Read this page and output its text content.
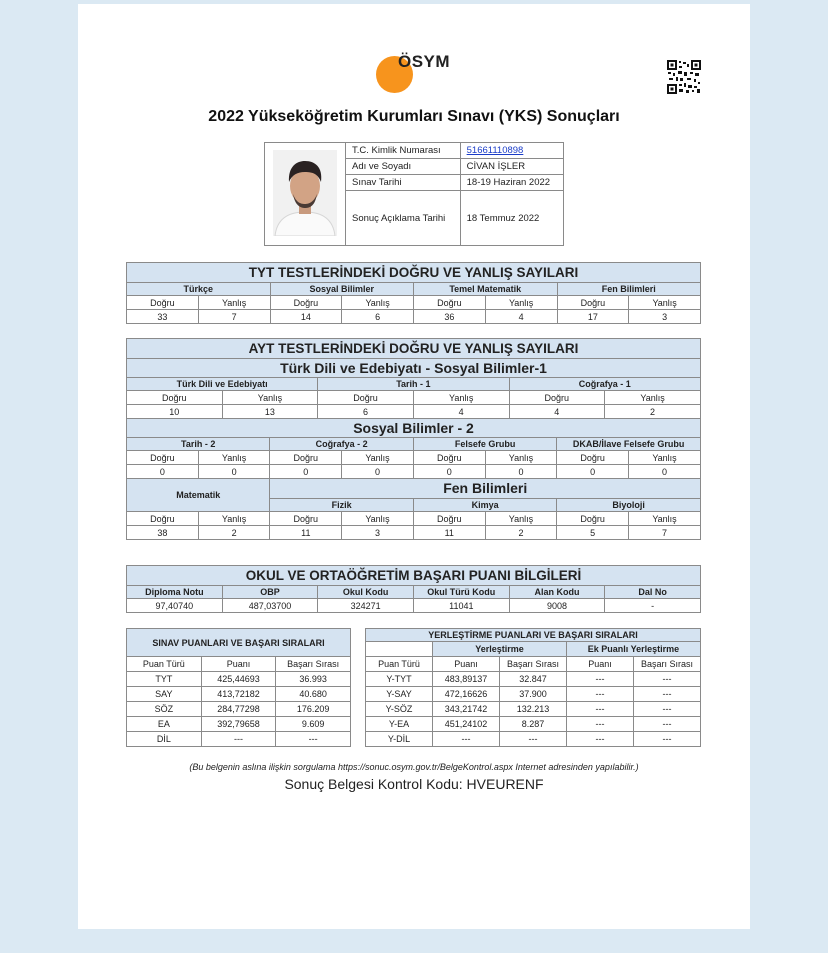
ÖSYM
2022 Yükseköğretim Kurumları Sınavı (YKS) Sonuçları
	T.C. Kimlik Numarası	51661110898
	Adı ve Soyadı	CİVAN İŞLER
	Sınav Tarihi	18-19 Haziran 2022
	Sonuç Açıklama Tarihi	18 Temmuz 2022
TYT TESTLERİNDEKİ DOĞRU VE YANLIŞ SAYILARI							
Türkçe		Sosyal Bilimler		Temel Matematik		Fen Bilimleri	
Doğru	Yanlış	Doğru	Yanlış	Doğru	Yanlış	Doğru	Yanlış
33	7	14	6	36	4	17	3
AYT TESTLERİNDEKİ DOĞRU VE YANLIŞ SAYILARI											
Türk Dili ve Edebiyatı - Sosyal Bilimler-1											
Türk Dili ve Edebiyatı				Tarih - 1				Coğrafya - 1			
Doğru		Yanlış		Doğru		Yanlış		Doğru		Yanlış	
10		13		6		4		4		2	
Sosyal Bilimler - 2											
Tarih - 2			Coğrafya - 2			Felsefe Grubu			DKAB/İlave Felsefe Grubu		
Doğru	Yanlış		Doğru		Yanlış	Doğru	Yanlış		Doğru		Yanlış
0	0		0		0	0	0		0		0
Matematik			Fen Bilimleri								
			Fizik			Kimya			Biyoloji		
Doğru	Yanlış		Doğru		Yanlış	Doğru	Yanlış		Doğru		Yanlış
38	2		11		3	11	2		5		7
OKUL VE ORTAÖĞRETİM BAŞARI PUANI BİLGİLERİ					
Diploma Notu	OBP	Okul Kodu	Okul Türü Kodu	Alan Kodu	Dal No
97,40740	487,03700	324271	11041	9008	-
SINAV PUANLARI VE BAŞARI SIRALARI		
Puan Türü	Puanı	Başarı Sırası
TYT	425,44693	36.993
SAY	413,72182	40.680
SÖZ	284,77298	176.209
EA	392,79658	9.609
DİL	---	---
YERLEŞTİRME PUANLARI VE BAŞARI SIRALARI				
	Yerleştirme		Ek Puanlı Yerleştirme	
Puan Türü	Puanı	Başarı Sırası	Puanı	Başarı Sırası
Y-TYT	483,89137	32.847	---	---
Y-SAY	472,16626	37.900	---	---
Y-SÖZ	343,21742	132.213	---	---
Y-EA	451,24102	8.287	---	---
Y-DİL	---	---	---	---
(Bu belgenin aslına ilişkin sorgulama https://sonuc.osym.gov.tr/BelgeKontrol.aspx Internet adresinden yapılabilir.)
Sonuç Belgesi Kontrol Kodu: HVEURENF
